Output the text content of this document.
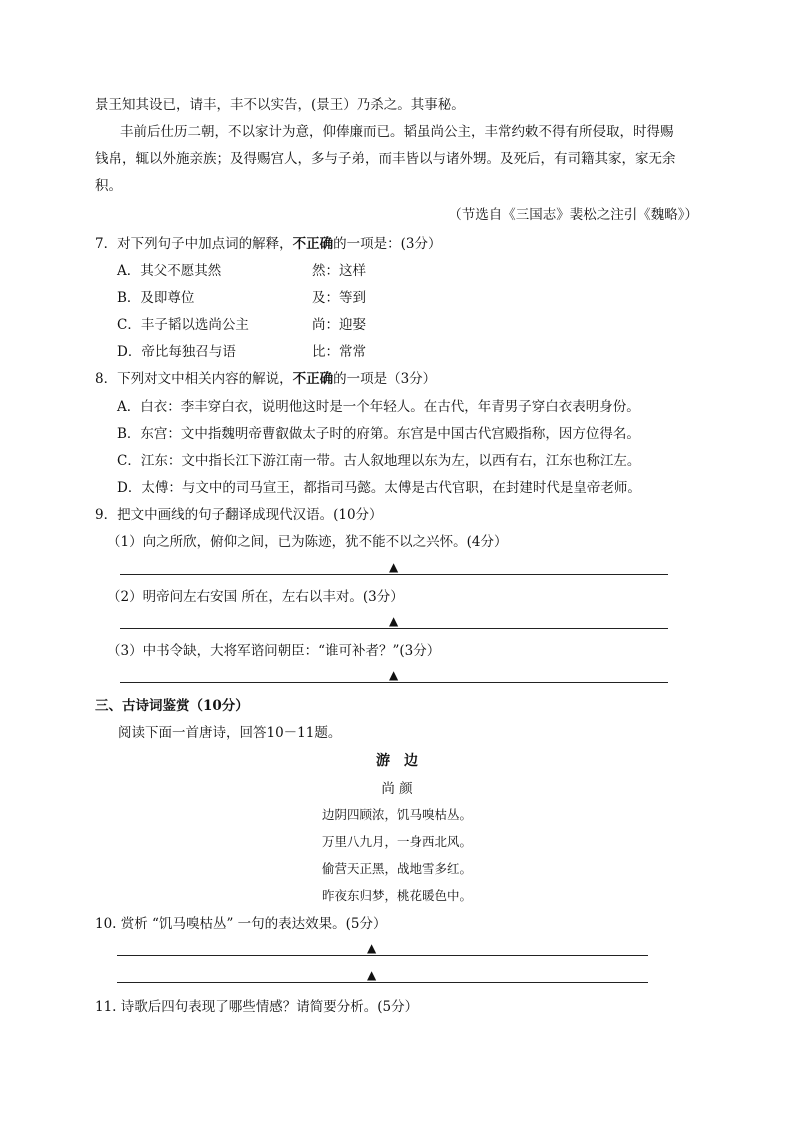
景王知其设已，请丰，丰不以实告，(景王）乃杀之。其事秘。
丰前后仕历二朝，不以家计为意，仰俸廉而已。韬虽尚公主，丰常约敕不得有所侵取，时得赐
钱帛，辄以外施亲族；及得赐宫人，多与子弟，而丰皆以与诸外甥。及死后，有司籍其家，家无余
积。
（节选自《三国志》裴松之注引《魏略》）
7．对下列句子中加点词的解释，不正确的一项是：(3分）
A．其父不愿其然	然：这样
B．及即尊位	及：等到
C．丰子韬以选尚公主	尚：迎娶
D．帝比每独召与语	比：常常
8．下列对文中相关内容的解说，不正确的一项是（3分）
A．白衣：李丰穿白衣，说明他这时是一个年轻人。在古代，年青男子穿白衣表明身份。
B．东宫：文中指魏明帝曹叡做太子时的府第。东宫是中国古代宫殿指称，因方位得名。
C．江东：文中指长江下游江南一带。古人叙地理以东为左，以西有右，江东也称江左。
D．太傅：与文中的司马宣王，都指司马懿。太傅是古代官职，在封建时代是皇帝老师。
9．把文中画线的句子翻译成现代汉语。(10分）
（1）向之所欣，俯仰之间，已为陈迹，犹不能不以之兴怀。(4分）
▲
（2）明帝问左右安国 所在，左右以丰对。(3分）
▲
（3）中书令缺，大将军谘问朝臣：“谁可补者？”(3分）
▲
三、古诗词鉴赏（10分）
阅读下面一首唐诗，回答10－11题。
游　边
尚 颜
边阴四顾浓，饥马嗅枯丛。
万里八九月，一身西北风。
偷营天正黑，战地雪多红。
昨夜东归梦，桃花暖色中。
10. 赏析 “饥马嗅枯丛” 一句的表达效果。(5分）
▲
▲
11. 诗歌后四句表现了哪些情感？请简要分析。(5分）
